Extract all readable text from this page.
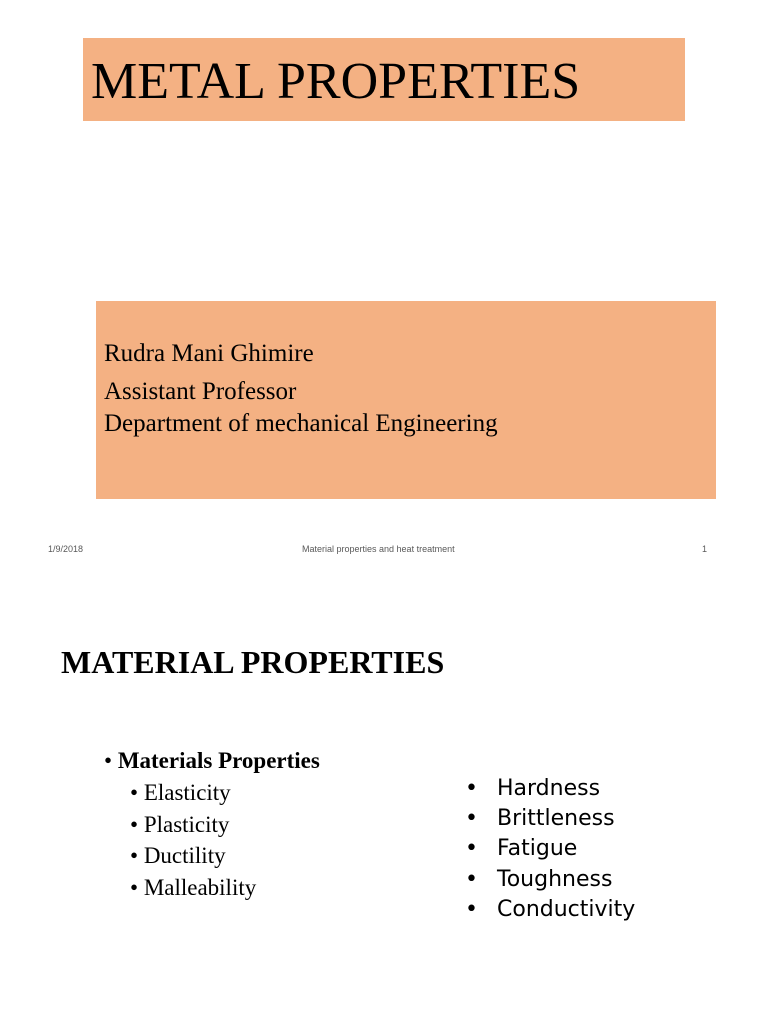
METAL PROPERTIES
Rudra Mani Ghimire
Assistant Professor
Department of mechanical Engineering
1/9/2018	Material properties and heat treatment	1
MATERIAL PROPERTIES
• Materials Properties
• Elasticity
• Plasticity
• Ductility
• Malleability
• Hardness
• Brittleness
• Fatigue
• Toughness
• Conductivity
